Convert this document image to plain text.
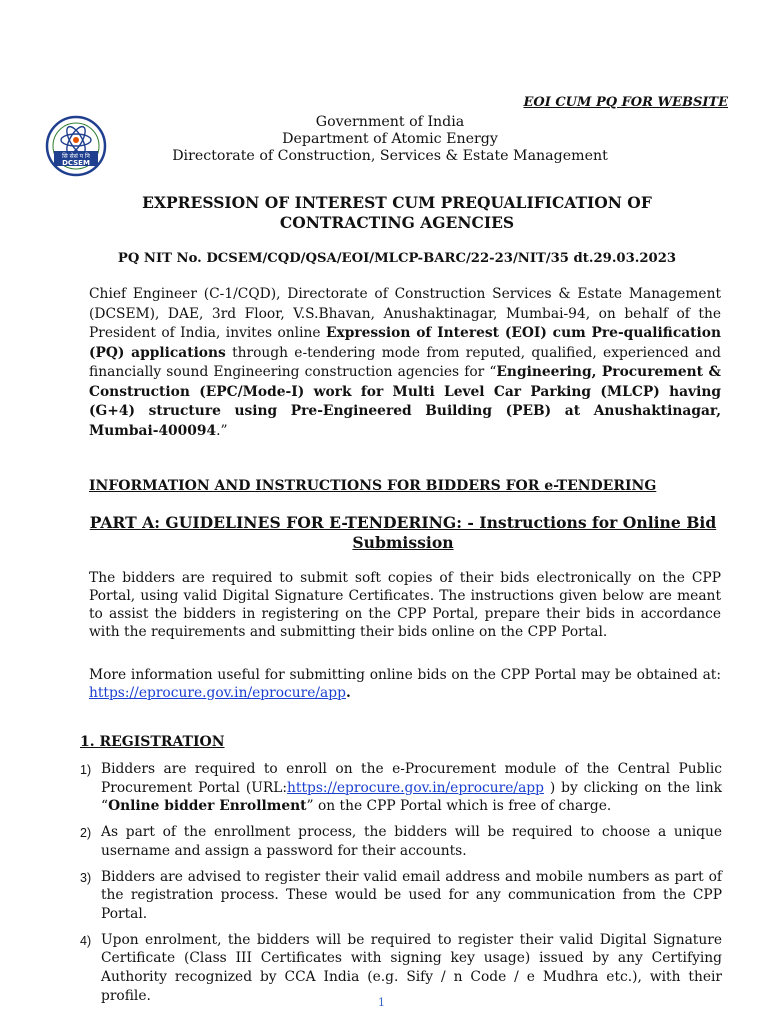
EOI CUM PQ FOR WEBSITE
सि सेसं प नि
DCSEM
Government of India
Department of Atomic Energy
Directorate of Construction, Services & Estate Management
EXPRESSION OF INTEREST CUM PREQUALIFICATION OF CONTRACTING AGENCIES
PQ NIT No. DCSEM/CQD/QSA/EOI/MLCP-BARC/22-23/NIT/35 dt.29.03.2023
Chief Engineer (C-1/CQD), Directorate of Construction Services & Estate Management (DCSEM), DAE, 3rd Floor, V.S.Bhavan, Anushaktinagar, Mumbai-94, on behalf of the President of India, invites online Expression of Interest (EOI) cum Pre-qualification (PQ) applications through e-tendering mode from reputed, qualified, experienced and financially sound Engineering construction agencies for “Engineering, Procurement & Construction (EPC/Mode-I) work for Multi Level Car Parking (MLCP) having (G+4) structure using Pre-Engineered Building (PEB) at Anushaktinagar, Mumbai-400094.”
INFORMATION AND INSTRUCTIONS FOR BIDDERS FOR e-TENDERING
PART A: GUIDELINES FOR E-TENDERING: - Instructions for Online Bid Submission
The bidders are required to submit soft copies of their bids electronically on the CPP Portal, using valid Digital Signature Certificates. The instructions given below are meant to assist the bidders in registering on the CPP Portal, prepare their bids in accordance with the requirements and submitting their bids online on the CPP Portal.
More information useful for submitting online bids on the CPP Portal may be obtained at: https://eprocure.gov.in/eprocure/app.
1. REGISTRATION
1) Bidders are required to enroll on the e-Procurement module of the Central Public Procurement Portal (URL:https://eprocure.gov.in/eprocure/app ) by clicking on the link “Online bidder Enrollment” on the CPP Portal which is free of charge.
2) As part of the enrollment process, the bidders will be required to choose a unique username and assign a password for their accounts.
3) Bidders are advised to register their valid email address and mobile numbers as part of the registration process. These would be used for any communication from the CPP Portal.
4) Upon enrolment, the bidders will be required to register their valid Digital Signature Certificate (Class III Certificates with signing key usage) issued by any Certifying Authority recognized by CCA India (e.g. Sify / n Code / e Mudhra etc.), with their profile.	1
